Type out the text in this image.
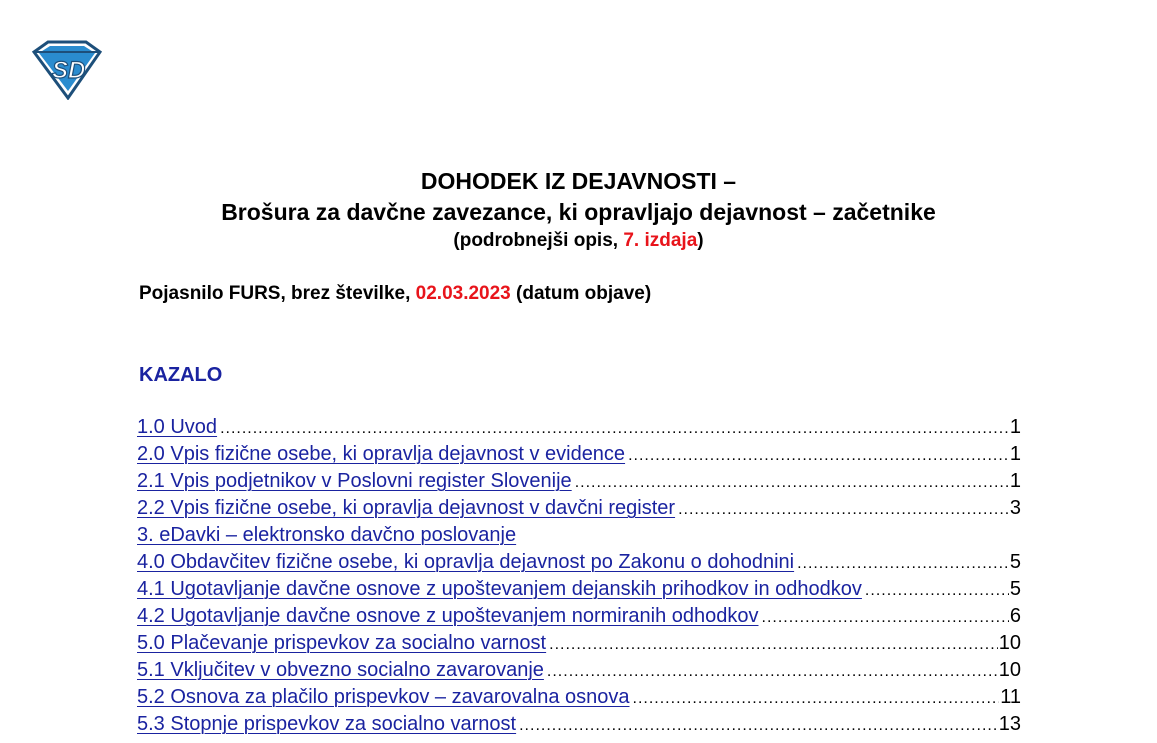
S D
DOHODEK IZ DEJAVNOSTI –
Brošura za davčne zavezance, ki opravljajo dejavnost – začetnike
(podrobnejši opis, 7. izdaja)
Pojasnilo FURS, brez številke, 02.03.2023 (datum objave)
KAZALO
1.0 Uvod .....	1
2.0 Vpis fizične osebe, ki opravlja dejavnost v evidence .....	1
2.1 Vpis podjetnikov v Poslovni register Slovenije .....	1
2.2 Vpis fizične osebe, ki opravlja dejavnost v davčni register .....	3
3. eDavki – elektronsko davčno poslovanje
4.0 Obdavčitev fizične osebe, ki opravlja dejavnost po Zakonu o dohodnini .....	5
4.1 Ugotavljanje davčne osnove z upoštevanjem dejanskih prihodkov in odhodkov .....	5
4.2 Ugotavljanje davčne osnove z upoštevanjem normiranih odhodkov .....	6
5.0 Plačevanje prispevkov za socialno varnost .....	10
5.1 Vključitev v obvezno socialno zavarovanje .....	10
5.2 Osnova za plačilo prispevkov – zavarovalna osnova .....	11
5.3 Stopnje prispevkov za socialno varnost .....	13
